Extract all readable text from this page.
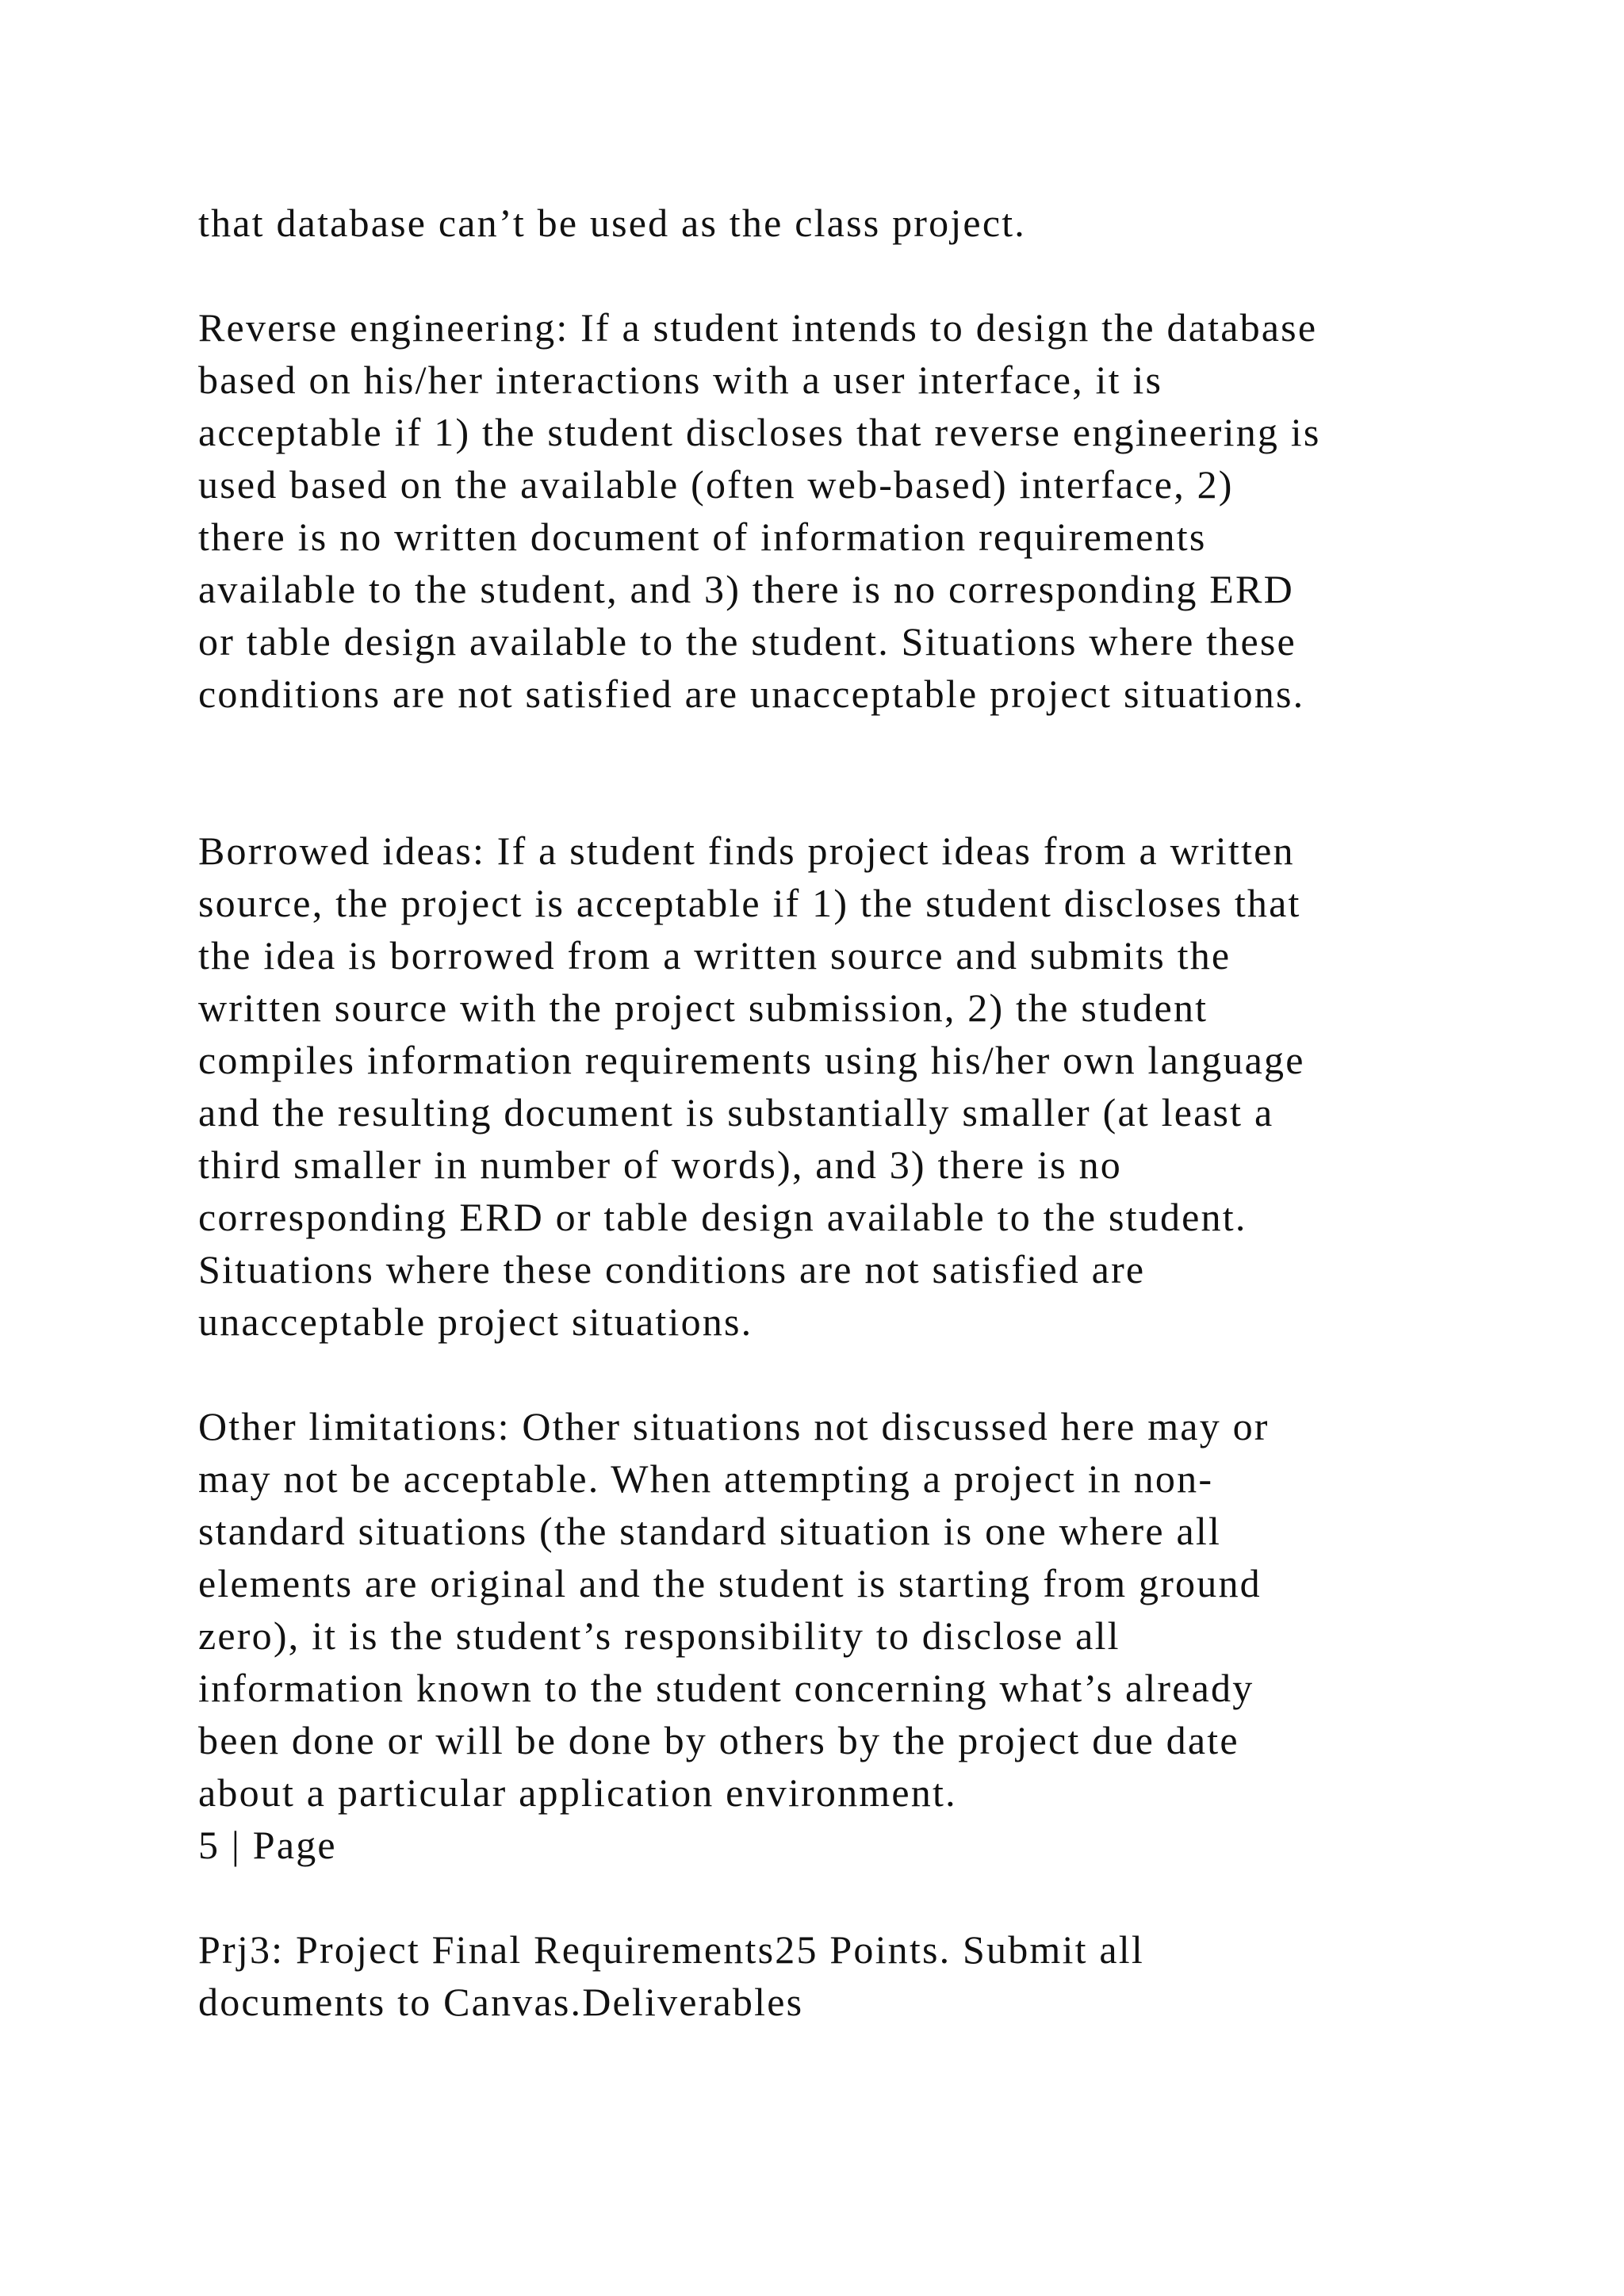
that database can’t be used as the class project.

Reverse engineering: If a student intends to design the database

based on his/her interactions with a user interface, it is

acceptable if 1) the student discloses that reverse engineering is

used based on the available (often web-based) interface, 2)

there is no written document of information requirements

available to the student, and 3) there is no corresponding ERD

or table design available to the student. Situations where these

conditions are not satisfied are unacceptable project situations.

Borrowed ideas: If a student finds project ideas from a written

source, the project is acceptable if 1) the student discloses that

the idea is borrowed from a written source and submits the

written source with the project submission, 2) the student

compiles information requirements using his/her own language

and the resulting document is substantially smaller (at least a

third smaller in number of words), and 3) there is no

corresponding ERD or table design available to the student.

Situations where these conditions are not satisfied are

unacceptable project situations.

Other limitations: Other situations not discussed here may or

may not be acceptable. When attempting a project in non-

standard situations (the standard situation is one where all

elements are original and the student is starting from ground

zero), it is the student’s responsibility to disclose all

information known to the student concerning what’s already

been done or will be done by others by the project due date

about a particular application environment.

5 | Page

Prj3: Project Final Requirements25 Points. Submit all

documents to Canvas.Deliverables
